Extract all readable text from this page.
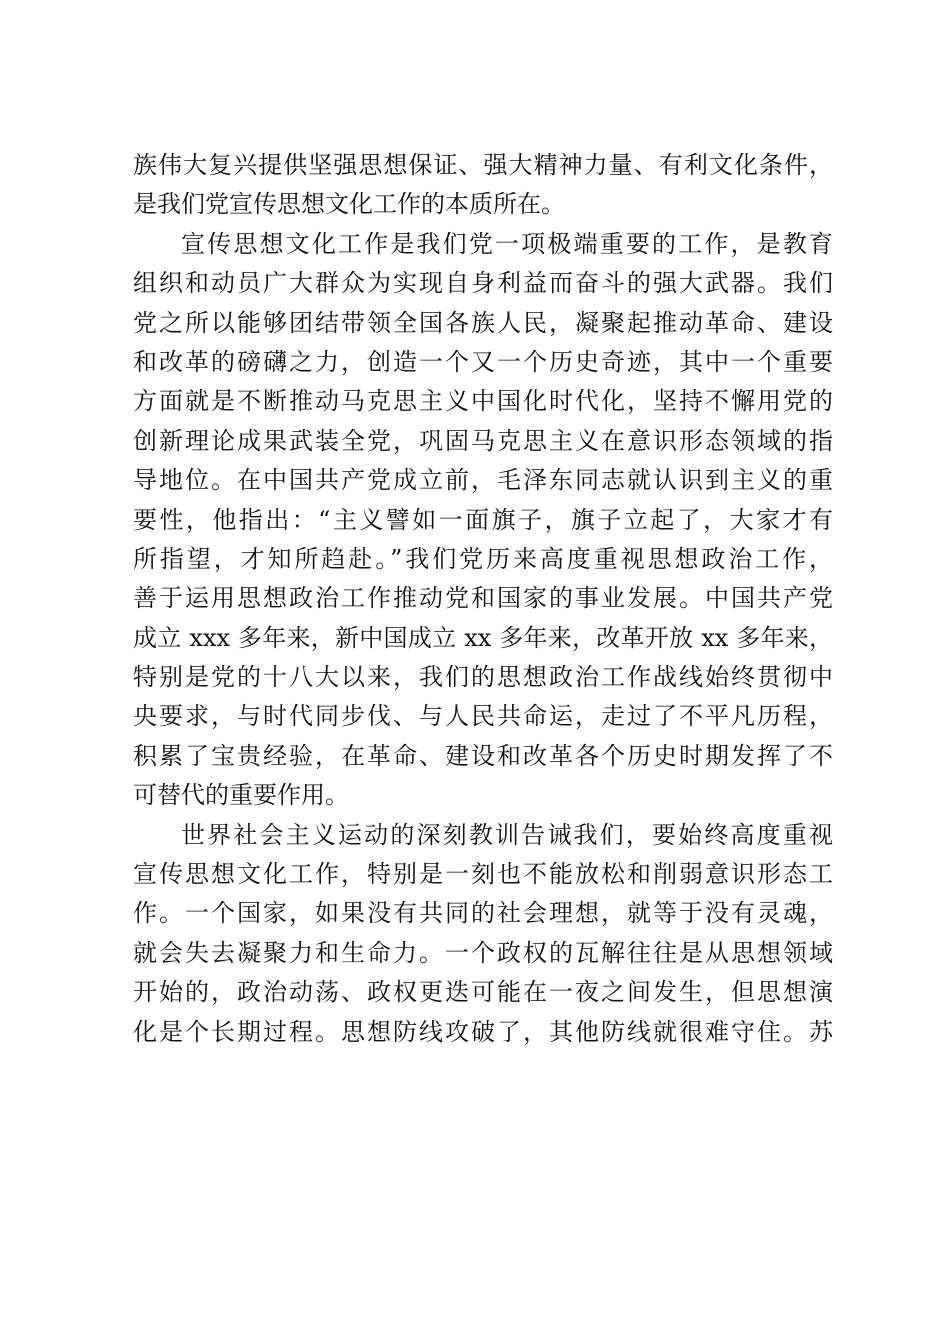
族伟大复兴提供坚强思想保证、强大精神力量、有利文化条件，
是我们党宣传思想文化工作的本质所在。
宣传思想文化工作是我们党一项极端重要的工作，是教育
组织和动员广大群众为实现自身利益而奋斗的强大武器。我们
党之所以能够团结带领全国各族人民，凝聚起推动革命、建设
和改革的磅礴之力，创造一个又一个历史奇迹，其中一个重要
方面就是不断推动马克思主义中国化时代化，坚持不懈用党的
创新理论成果武装全党，巩固马克思主义在意识形态领域的指
导地位。在中国共产党成立前，毛泽东同志就认识到主义的重
要性，他指出：“主义譬如一面旗子，旗子立起了，大家才有
所指望，才知所趋赴。”我们党历来高度重视思想政治工作，
善于运用思想政治工作推动党和国家的事业发展。中国共产党
成立 xxx 多年来，新中国成立 xx 多年来，改革开放 xx 多年来，
特别是党的十八大以来，我们的思想政治工作战线始终贯彻中
央要求，与时代同步伐、与人民共命运，走过了不平凡历程，
积累了宝贵经验，在革命、建设和改革各个历史时期发挥了不
可替代的重要作用。
世界社会主义运动的深刻教训告诫我们，要始终高度重视
宣传思想文化工作，特别是一刻也不能放松和削弱意识形态工
作。一个国家，如果没有共同的社会理想，就等于没有灵魂，
就会失去凝聚力和生命力。一个政权的瓦解往往是从思想领域
开始的，政治动荡、政权更迭可能在一夜之间发生，但思想演
化是个长期过程。思想防线攻破了，其他防线就很难守住。苏
